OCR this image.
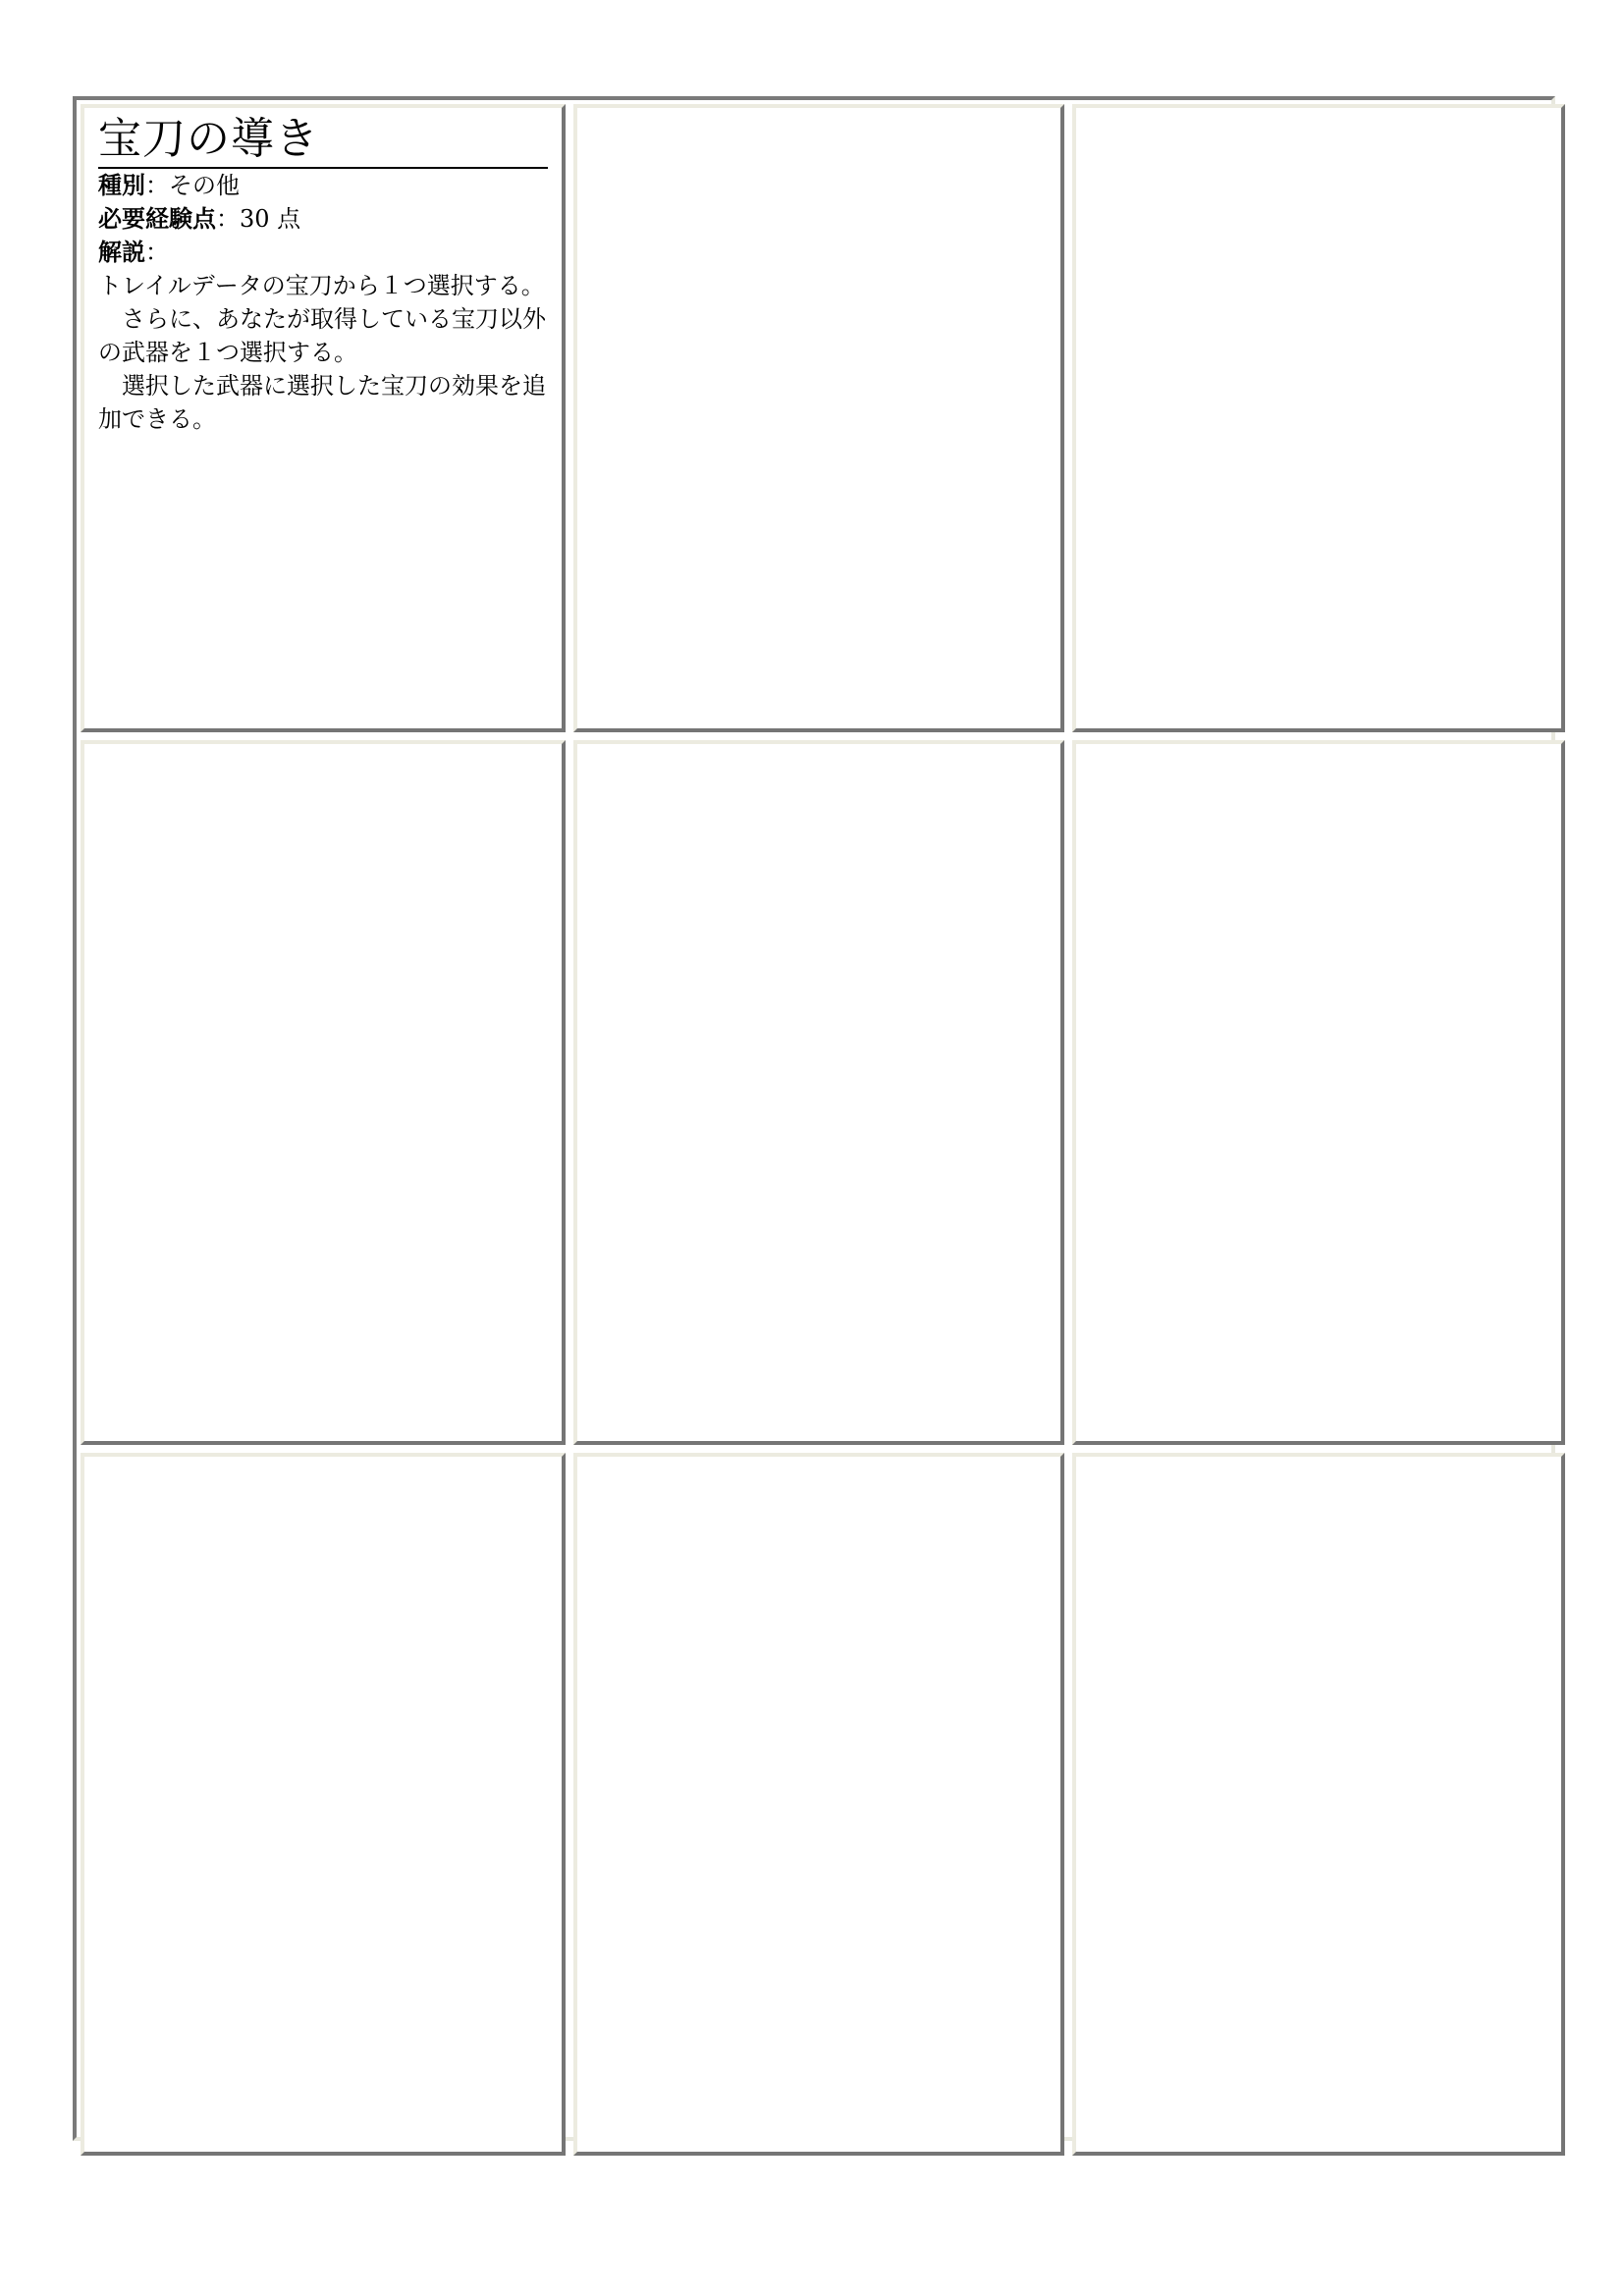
宝刀の導き
種別：その他
必要経験点：30 点
解説：

トレイルデータの宝刀から１つ選択する。

　さらに、あなたが取得している宝刀以外の武器を１つ選択する。

　選択した武器に選択した宝刀の効果を追加できる。
